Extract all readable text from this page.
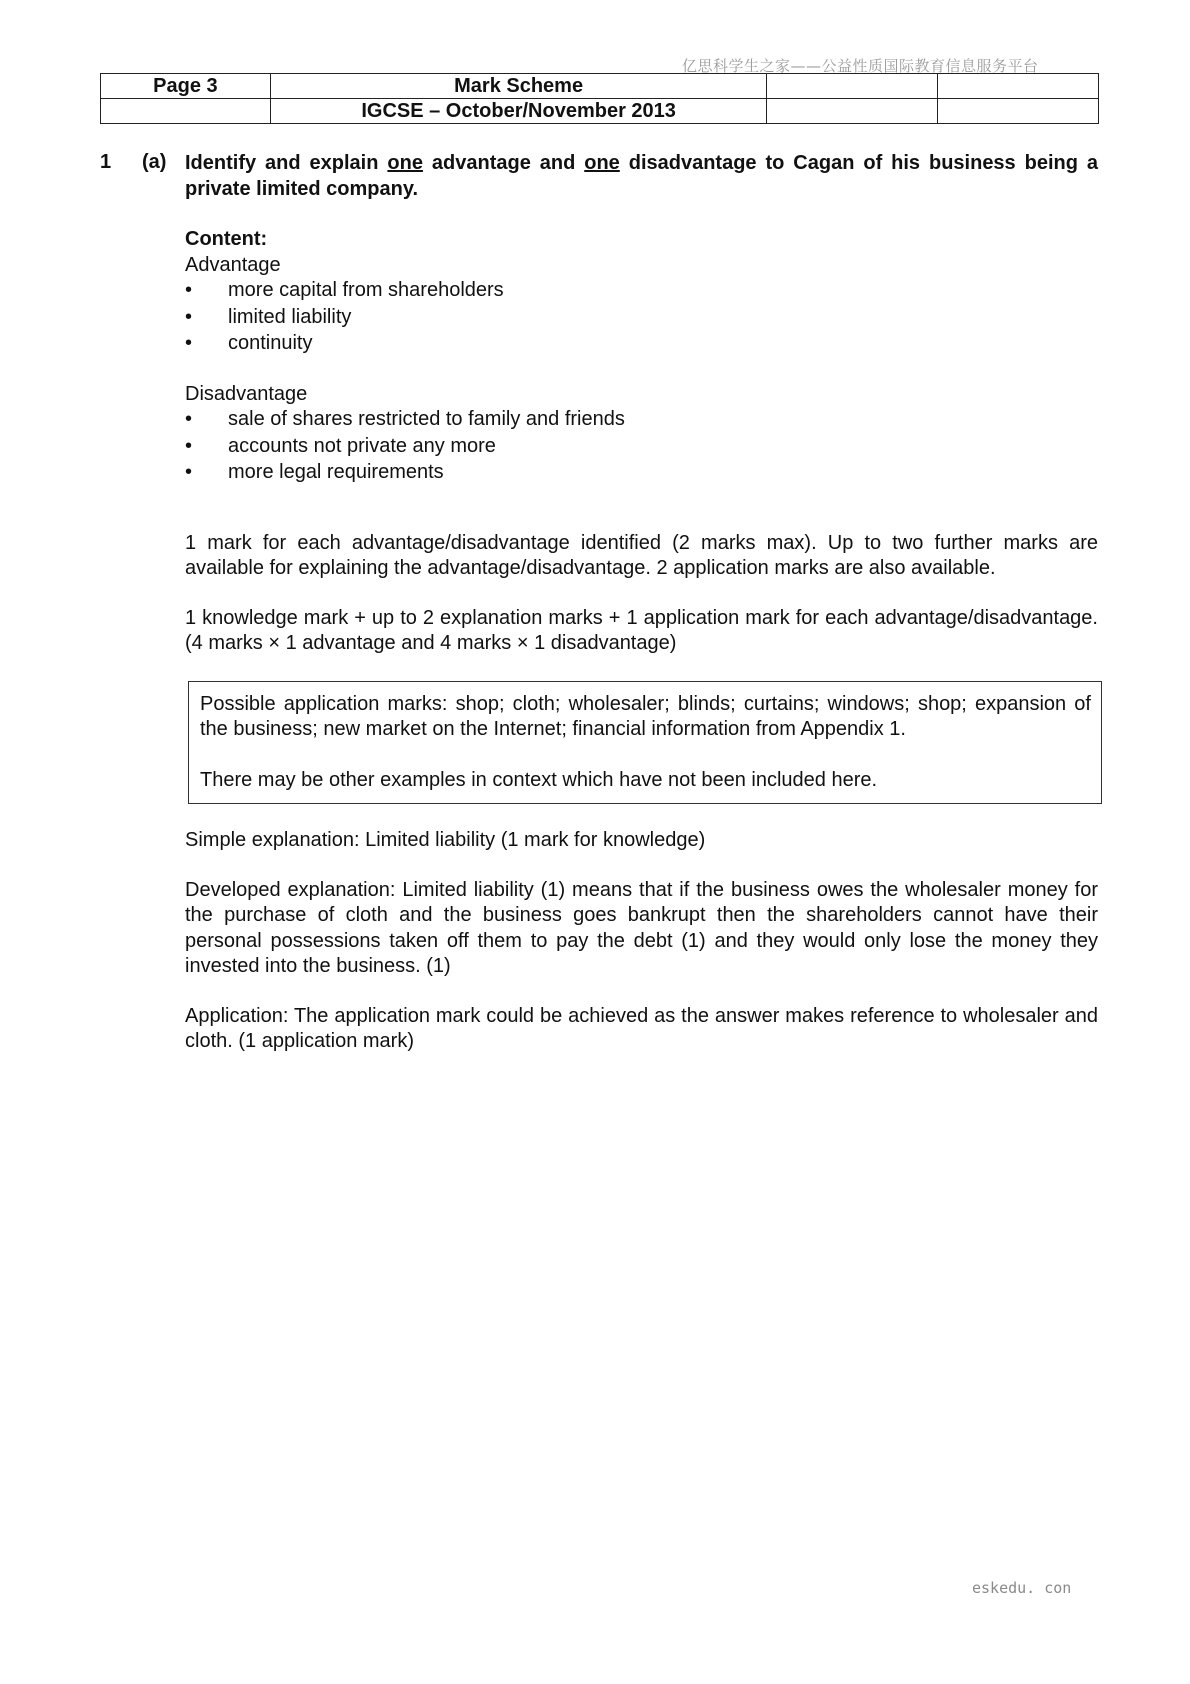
亿思科学生之家——公益性质国际教育信息服务平台
Page 3	Mark Scheme		
	IGCSE – October/November 2013		
1 (a) Identify and explain one advantage and one disadvantage to Cagan of his business being a private limited company.

Content:

Advantage

• more capital from shareholders
• limited liability
• continuity

Disadvantage

• sale of shares restricted to family and friends
• accounts not private any more
• more legal requirements

1 mark for each advantage/disadvantage identified (2 marks max). Up to two further marks are available for explaining the advantage/disadvantage. 2 application marks are also available.

1 knowledge mark + up to 2 explanation marks + 1 application mark for each advantage/disadvantage. (4 marks × 1 advantage and 4 marks × 1 disadvantage)

Possible application marks: shop; cloth; wholesaler; blinds; curtains; windows; shop; expansion of the business; new market on the Internet; financial information from Appendix 1.

There may be other examples in context which have not been included here.

Simple explanation: Limited liability (1 mark for knowledge)

Developed explanation: Limited liability (1) means that if the business owes the wholesaler money for the purchase of cloth and the business goes bankrupt then the shareholders cannot have their personal possessions taken off them to pay the debt (1) and they would only lose the money they invested into the business. (1)

Application: The application mark could be achieved as the answer makes reference to wholesaler and cloth. (1 application mark)

eskedu. con
